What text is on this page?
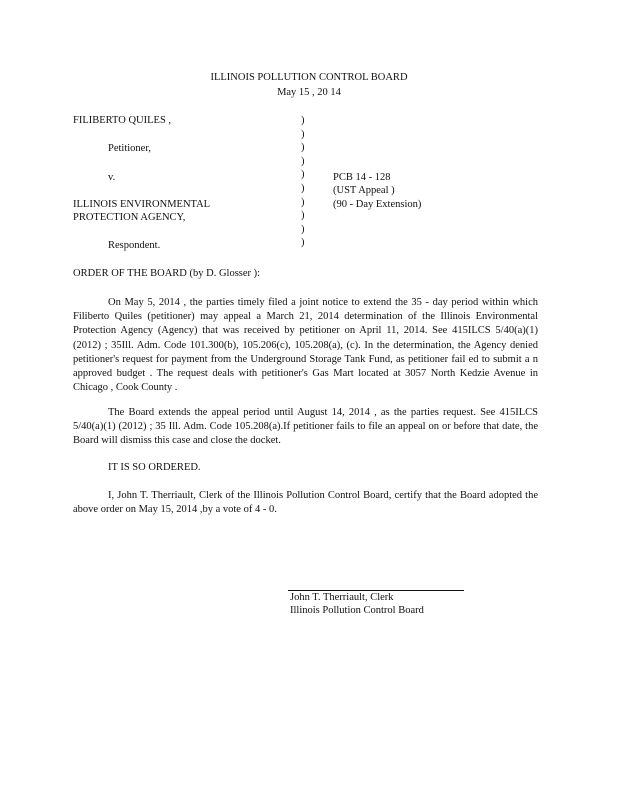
ILLINOIS POLLUTION CONTROL BOARD
May 15 , 20 14
FILIBERTO QUILES ,
Petitioner,
v.
ILLINOIS ENVIRONMENTAL
PROTECTION AGENCY,
Respondent.
)
)
)
)
)
)
)
)
)
)
PCB 14 - 128
(UST Appeal )
(90 - Day Extension)
ORDER OF THE BOARD (by D. Glosser ):
On May 5, 2014 , the parties timely filed a joint notice to extend the 35 - day period within which Filiberto Quiles (petitioner) may appeal a March 21, 2014 determination of the Illinois Environmental Protection Agency (Agency) that was received by petitioner on April 11, 2014. See 415ILCS 5/40(a)(1) (2012) ; 35Ill. Adm. Code 101.300(b), 105.206(c), 105.208(a), (c). In the determination, the Agency denied petitioner's request for payment from the Underground Storage Tank Fund, as petitioner fail ed to submit a n approved budget . The request deals with petitioner's Gas Mart located at 3057 North Kedzie Avenue in Chicago , Cook County .
The Board extends the appeal period until August 14, 2014 , as the parties request. See 415ILCS 5/40(a)(1) (2012) ; 35 Ill. Adm. Code 105.208(a).If petitioner fails to file an appeal on or before that date, the Board will dismiss this case and close the docket.
IT IS SO ORDERED.
I, John T. Therriault, Clerk of the Illinois Pollution Control Board, certify that the Board adopted the above order on May 15, 2014 ,by a vote of 4 - 0.
John T. Therriault, Clerk
Illinois Pollution Control Board
